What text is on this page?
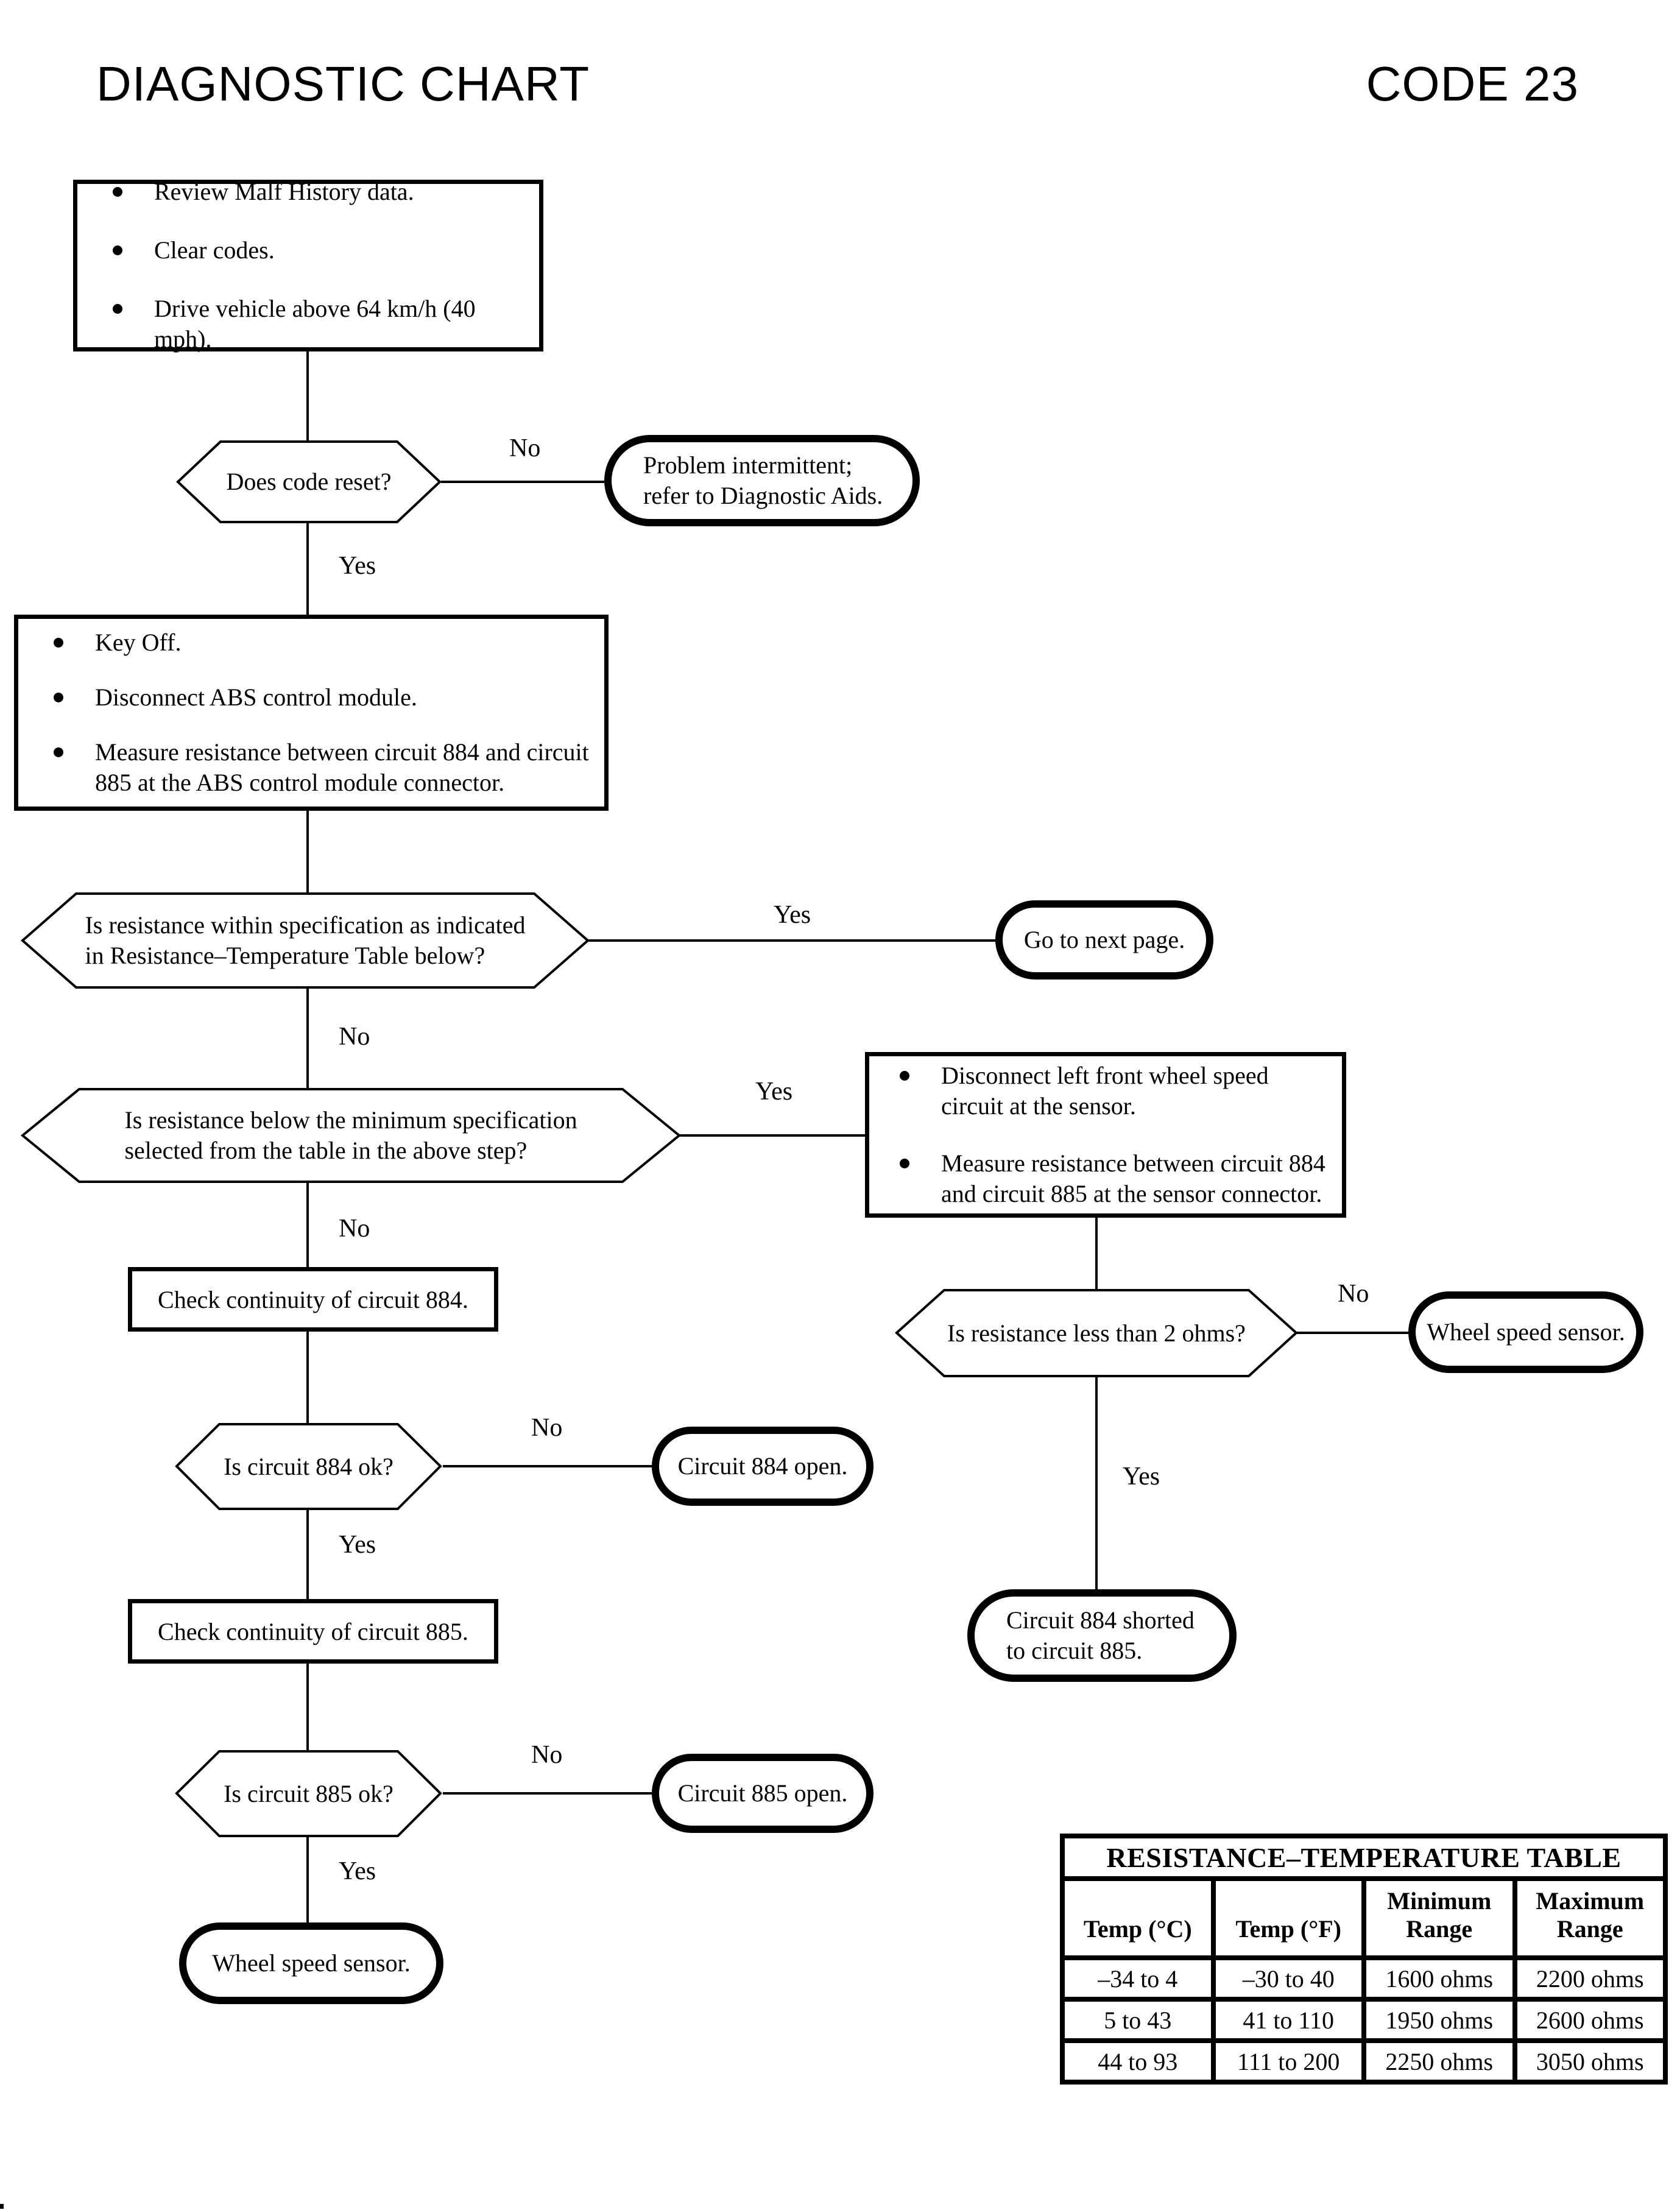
DIAGNOSTIC CHART	CODE 23
Review Malf History data.
Clear codes.
Drive vehicle above 64 km/h (40 mph).
Does code reset?
No
Problem intermittent;
refer to Diagnostic Aids.
Yes
Key Off.
Disconnect ABS control module.
Measure resistance between circuit 884 and circuit
885 at the ABS control module connector.
Is resistance within specification as indicated
in Resistance–Temperature Table below?
Yes
Go to next page.
No
Is resistance below the minimum specification
selected from the table in the above step?
Yes
Disconnect left front wheel speed
circuit at the sensor.
Measure resistance between circuit 884
and circuit 885 at the sensor connector.
Is resistance less than 2 ohms?
No
Wheel speed sensor.
Yes
Circuit 884 shorted
to circuit 885.
No
Check continuity of circuit 884.
Is circuit 884 ok?
No
Circuit 884 open.
Yes
Check continuity of circuit 885.
Is circuit 885 ok?
No
Circuit 885 open.
Yes
Wheel speed sensor.
RESISTANCE–TEMPERATURE TABLE			
Temp (°C)	Temp (°F)	Minimum Range	Maximum Range
–34 to 4	–30 to 40	1600 ohms	2200 ohms
5 to 43	41 to 110	1950 ohms	2600 ohms
44 to 93	111 to 200	2250 ohms	3050 ohms
